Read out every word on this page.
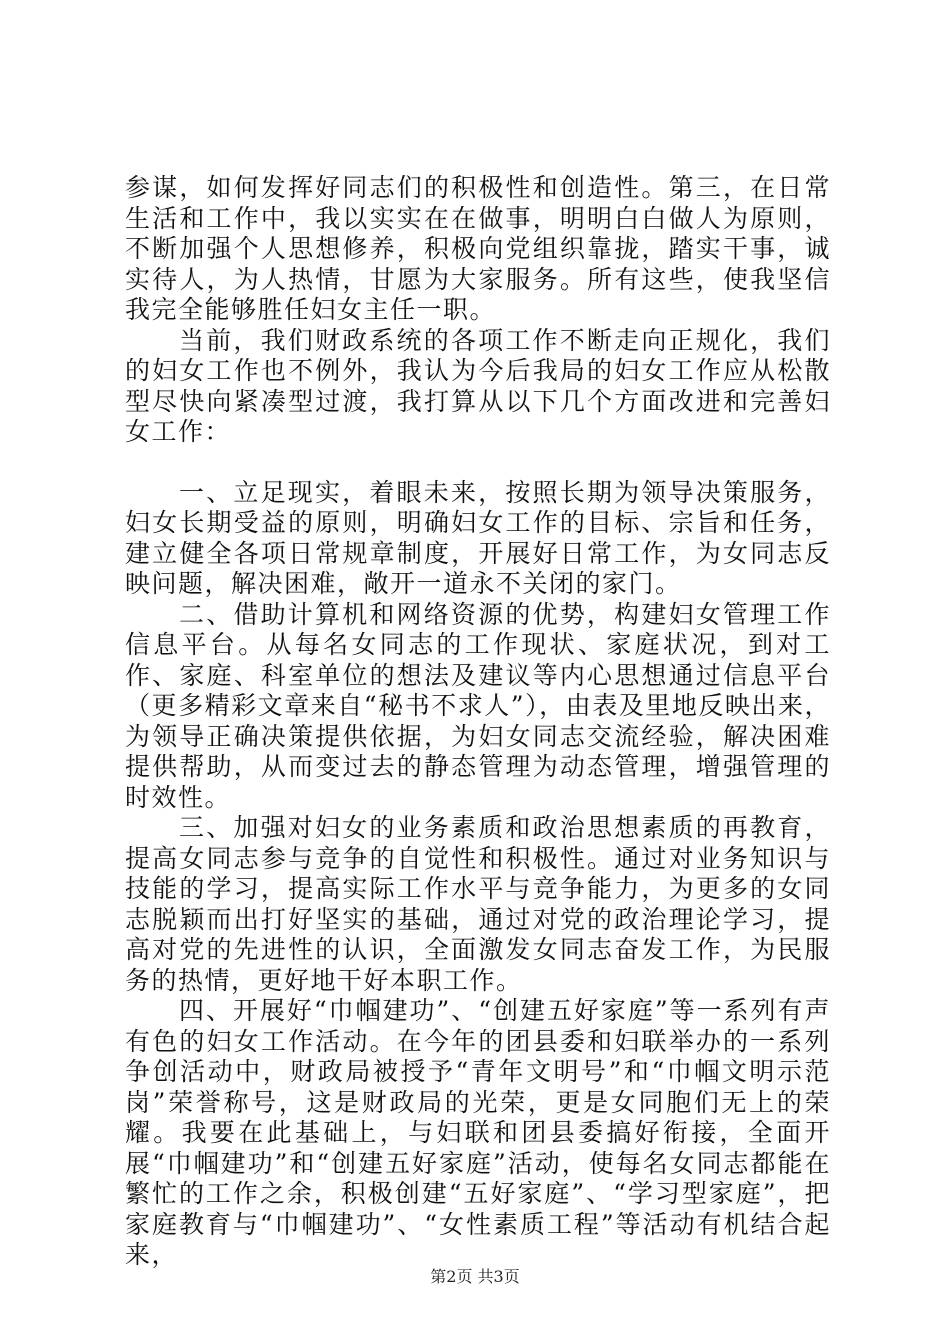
参谋，如何发挥好同志们的积极性和创造性。第三，在日常生活和工作中，我以实实在在做事，明明白白做人为原则，不断加强个人思想修养，积极向党组织靠拢，踏实干事，诚实待人，为人热情，甘愿为大家服务。所有这些，使我坚信我完全能够胜任妇女主任一职。

当前，我们财政系统的各项工作不断走向正规化，我们的妇女工作也不例外，我认为今后我局的妇女工作应从松散型尽快向紧凑型过渡，我打算从以下几个方面改进和完善妇女工作：

一、立足现实，着眼未来，按照长期为领导决策服务，妇女长期受益的原则，明确妇女工作的目标、宗旨和任务，建立健全各项日常规章制度，开展好日常工作，为女同志反映问题，解决困难，敞开一道永不关闭的家门。

二、借助计算机和网络资源的优势，构建妇女管理工作信息平台。从每名女同志的工作现状、家庭状况，到对工作、家庭、科室单位的想法及建议等内心思想通过信息平台（更多精彩文章来自“秘书不求人”），由表及里地反映出来，为领导正确决策提供依据，为妇女同志交流经验，解决困难提供帮助，从而变过去的静态管理为动态管理，增强管理的时效性。

三、加强对妇女的业务素质和政治思想素质的再教育，提高女同志参与竞争的自觉性和积极性。通过对业务知识与技能的学习，提高实际工作水平与竞争能力，为更多的女同志脱颖而出打好坚实的基础，通过对党的政治理论学习，提高对党的先进性的认识，全面激发女同志奋发工作，为民服务的热情，更好地干好本职工作。

四、开展好“巾帼建功”、“创建五好家庭”等一系列有声有色的妇女工作活动。在今年的团县委和妇联举办的一系列争创活动中，财政局被授予“青年文明号”和“巾帼文明示范岗”荣誉称号，这是财政局的光荣，更是女同胞们无上的荣耀。我要在此基础上，与妇联和团县委搞好衔接，全面开展“巾帼建功”和“创建五好家庭”活动，使每名女同志都能在繁忙的工作之余，积极创建“五好家庭”、“学习型家庭”，把家庭教育与“巾帼建功”、“女性素质工程”等活动有机结合起来，

第2页 共3页
